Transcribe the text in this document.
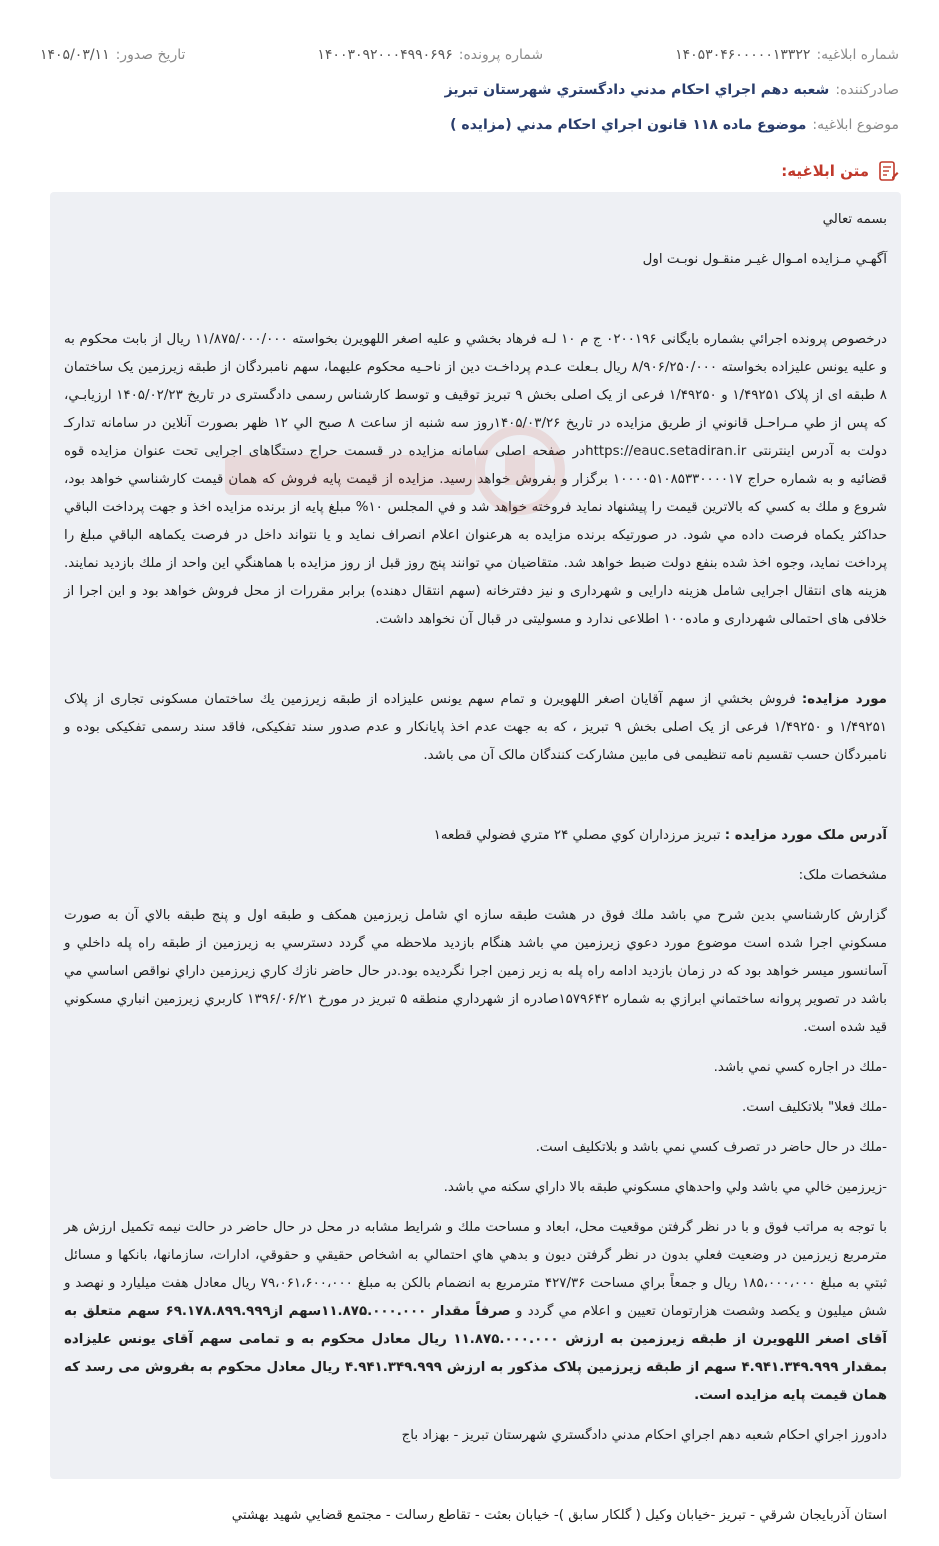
شماره ابلاغیه:
۱۴۰۵۳۰۴۶۰۰۰۰۰۱۳۳۲۲
شماره پرونده:
۱۴۰۰۳۰۹۲۰۰۰۴۹۹۰۶۹۶
تاریخ صدور:
۱۴۰۵/۰۳/۱۱
صادرکننده:
شعبه دهم اجراي احكام مدني دادگستري شهرستان تبريز
موضوع ابلاغیه:
موضوع ماده ۱۱۸ قانون اجراي احكام مدني (مزايده )
متن ابلاغیه:

بسمه تعالي

آگهـي مـزايده امـوال غيـر منقـول نوبـت اول

درخصوص پرونده اجرائي بشماره بايگانى ۰۲۰۰۱۹۶ ج م ۱۰ لـه فرهاد بخشي و عليه اصغر اللهويرن بخواسته ۱۱/۸۷۵/۰۰۰/۰۰۰ ريال از بابت محكوم به و عليه يونس عليزاده بخواسته ۸/۹۰۶/۲۵۰/۰۰۰ ريال بـعلت عـدم پرداخـت دين از ناحـيه محكوم عليهما، سهم نامبردگان از طبقه زيرزمين يک ساختمان ۸ طبقه اى از پلاک ۱/۴۹۲۵۱ و ۱/۴۹۲۵۰ فرعى از يک اصلى بخش ۹ تبريز توقيف و توسط كارشناس رسمى دادگسترى در تاريخ ۱۴۰۵/۰۲/۲۳ ارزيابـي، كه پس از طي مـراحـل قانوني از طريق مزايده در تاريخ ۱۴۰۵/۰۳/۲۶روز سه شنبه از ساعت ۸ صبح الي ۱۲ ظهر بصورت آنلاين در سامانه تداركـ دولت به آدرس اينترنتى https://eauc.setadiran.irدر صفحه اصلى سامانه مزايده در قسمت حراج دستگاهاى اجرايى تحت عنوان مزايده قوه قضائيه و به شماره حراج ۱۰۰۰۰۵۱۰۸۵۳۳۰۰۰۰۱۷ برگزار و بفروش خواهد رسيد. مزايده از قيمت پايه فروش كه همان قيمت كارشناسي خواهد بود، شروع و ملك به كسي كه بالاترين قيمت را پيشنهاد نمايد فروخته خواهد شد و في المجلس ۱۰% مبلغ پايه از برنده مزايده اخذ و جهت پرداخت الباقي حداكثر يكماه فرصت داده مي شود. در صورتيكه برنده مزايده به هرعنوان اعلام انصراف نمايد و يا نتواند داخل در فرصت يكماهه الباقي مبلغ را پرداخت نمايد، وجوه اخذ شده بنفع دولت ضبط خواهد شد. متقاضيان مي توانند پنج روز قبل از روز مزايده با هماهنگي اين واحد از ملك بازديد نمايند. هزينه هاى انتقال اجرايى شامل هزينه دارايى و شهردارى و نيز دفترخانه (سهم انتقال دهنده) برابر مقررات از محل فروش خواهد بود و اين اجرا از خلافى هاى احتمالى شهردارى و ماده۱۰۰ اطلاعى ندارد و مسوليتى در قبال آن نخواهد داشت.

مورد مزايده: فروش بخشي از سهم آقايان اصغر اللهويرن و تمام سهم يونس عليزاده از طبقه زيرزمين يك ساختمان مسكونى تجارى از پلاک ۱/۴۹۲۵۱ و ۱/۴۹۲۵۰ فرعى از يک اصلى بخش ۹ تبريز ، كه به جهت عدم اخذ پايانكار و عدم صدور سند تفكيكى، فاقد سند رسمى تفكيكى بوده و نامبردگان حسب تقسيم نامه تنظيمى فى مابين مشاركت كنندگان مالک آن مى باشد.

آدرس ملک مورد مزایده : تبريز مرزداران كوي مصلي ۲۴ متري فضولي قطعه۱

مشخصات ملک:

گزارش كارشناسي بدين شرح مي باشد ملك فوق در هشت طبقه سازه اي شامل زيرزمين همكف و طبقه اول و پنج طبقه بالاي آن به صورت مسكوني اجرا شده است موضوع مورد دعوي زيرزمين مي باشد هنگام بازديد ملاحظه مي گردد دسترسي به زيرزمين از طبقه راه پله داخلي و آسانسور ميسر خواهد بود كه در زمان بازديد ادامه راه پله به زير زمين اجرا نگرديده بود.در حال حاضر نازك كاري زيرزمين داراي نواقص اساسي مي باشد در تصوير پروانه ساختماني ابرازي به شماره ۱۵۷۹۶۴۲صادره از شهرداري منطقه ۵ تبريز در مورخ ۱۳۹۶/۰۶/۲۱ كاربري زيرزمين انباري مسكوني قيد شده است.

-ملك در اجاره كسي نمي باشد.

-ملك فعلا" بلاتكليف است.

-ملك در حال حاضر در تصرف كسي نمي باشد و بلاتكليف است.

-زيرزمين خالي مي باشد ولي واحدهاي مسكوني طبقه بالا داراي سكنه مي باشد.

با توجه به مراتب فوق و با در نظر گرفتن موقعيت محل، ابعاد و مساحت ملك و شرايط مشابه در محل در حال حاضر در حالت نيمه تكميل ارزش هر مترمربع زيرزمين در وضعيت فعلي بدون در نظر گرفتن ديون و بدهي هاي احتمالي به اشخاص حقيقي و حقوقي، ادارات، سازمانها، بانكها و مسائل ثبتي به مبلغ ۱۸۵،۰۰۰،۰۰۰ ريال و جمعاً براي مساحت ۴۲۷/۳۶ مترمربع به انضمام بالكن به مبلغ ۷۹،۰۶۱،۶۰۰،۰۰۰ ريال معادل هفت ميليارد و نهصد و شش ميليون و يكصد وشصت هزارتومان تعيين و اعلام مي گردد و صرفاً مقدار ۱۱.۸۷۵.۰۰۰.۰۰۰سهم از۶۹.۱۷۸.۸۹۹.۹۹۹ سهم متعلق به آقای اصغر اللهويرن از طبقه زيرزمين به ارزش ۱۱.۸۷۵.۰۰۰.۰۰۰ ريال معادل محكوم به و تمامی سهم آقای يونس عليزاده بمقدار ۴.۹۴۱.۳۴۹.۹۹۹ سهم از طبقه زيرزمين پلاک مذكور به ارزش ۴.۹۴۱.۳۴۹.۹۹۹ ريال معادل محكوم به بفروش مى رسد كه همان قيمت پايه مزايده است.

دادورز اجراي احكام شعبه دهم اجراي احكام مدني دادگستري شهرستان تبريز - بهزاد باج

استان آذربايجان شرقي - تبريز -خيابان وكيل ( گلكار سابق )- خيابان بعثت - تقاطع رسالت - مجتمع قضايي شهيد بهشتي
